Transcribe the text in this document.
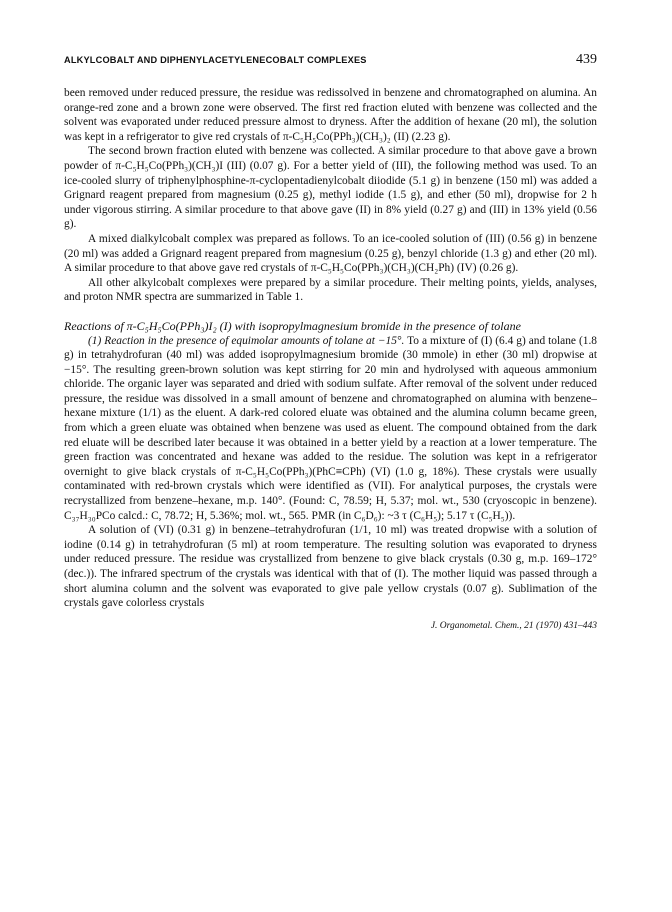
ALKYLCOBALT AND DIPHENYLACETYLENECOBALT COMPLEXES	439

been removed under reduced pressure, the residue was redissolved in benzene and chromatographed on alumina. An orange-red zone and a brown zone were observed. The first red fraction eluted with benzene was collected and the solvent was evaporated under reduced pressure almost to dryness. After the addition of hexane (20 ml), the solution was kept in a refrigerator to give red crystals of π-C₅H₅Co(PPh₃)(CH₃)₂ (II) (2.23 g).

The second brown fraction eluted with benzene was collected. A similar procedure to that above gave a brown powder of π-C₅H₅Co(PPh₃)(CH₃)I (III) (0.07 g). For a better yield of (III), the following method was used. To an ice-cooled slurry of triphenylphosphine-π-cyclopentadienylcobalt diiodide (5.1 g) in benzene (150 ml) was added a Grignard reagent prepared from magnesium (0.25 g), methyl iodide (1.5 g), and ether (50 ml), dropwise for 2 h under vigorous stirring. A similar procedure to that above gave (II) in 8% yield (0.27 g) and (III) in 13% yield (0.56 g).

A mixed dialkylcobalt complex was prepared as follows. To an ice-cooled solution of (III) (0.56 g) in benzene (20 ml) was added a Grignard reagent prepared from magnesium (0.25 g), benzyl chloride (1.3 g) and ether (20 ml). A similar procedure to that above gave red crystals of π-C₅H₅Co(PPh₃)(CH₃)(CH₂Ph) (IV) (0.26 g).

All other alkylcobalt complexes were prepared by a similar procedure. Their melting points, yields, analyses, and proton NMR spectra are summarized in Table 1.

Reactions of π-C₅H₅Co(PPh₃)I₂ (I) with isopropylmagnesium bromide in the presence of tolane

(1) Reaction in the presence of equimolar amounts of tolane at −15°. To a mixture of (I) (6.4 g) and tolane (1.8 g) in tetrahydrofuran (40 ml) was added isopropylmagnesium bromide (30 mmole) in ether (30 ml) dropwise at −15°. The resulting green-brown solution was kept stirring for 20 min and hydrolysed with aqueous ammonium chloride. The organic layer was separated and dried with sodium sulfate. After removal of the solvent under reduced pressure, the residue was dissolved in a small amount of benzene and chromatographed on alumina with benzene–hexane mixture (1/1) as the eluent. A dark-red colored eluate was obtained and the alumina column became green, from which a green eluate was obtained when benzene was used as eluent. The compound obtained from the dark red eluate will be described later because it was obtained in a better yield by a reaction at a lower temperature. The green fraction was concentrated and hexane was added to the residue. The solution was kept in a refrigerator overnight to give black crystals of π-C₅H₅Co(PPh₃)(PhC≡CPh) (VI) (1.0 g, 18%). These crystals were usually contaminated with red-brown crystals which were identified as (VII). For analytical purposes, the crystals were recrystallized from benzene–hexane, m.p. 140°. (Found: C, 78.59; H, 5.37; mol. wt., 530 (cryoscopic in benzene). C₃₇H₃₀PCo calcd.: C, 78.72; H, 5.36%; mol. wt., 565. PMR (in C₆D₆): ~3 τ (C₆H₅); 5.17 τ (C₅H₅)).

A solution of (VI) (0.31 g) in benzene–tetrahydrofuran (1/1, 10 ml) was treated dropwise with a solution of iodine (0.14 g) in tetrahydrofuran (5 ml) at room temperature. The resulting solution was evaporated to dryness under reduced pressure. The residue was crystallized from benzene to give black crystals (0.30 g, m.p. 169–172° (dec.)). The infrared spectrum of the crystals was identical with that of (I). The mother liquid was passed through a short alumina column and the solvent was evaporated to give pale yellow crystals (0.07 g). Sublimation of the crystals gave colorless crystals

J. Organometal. Chem., 21 (1970) 431–443
